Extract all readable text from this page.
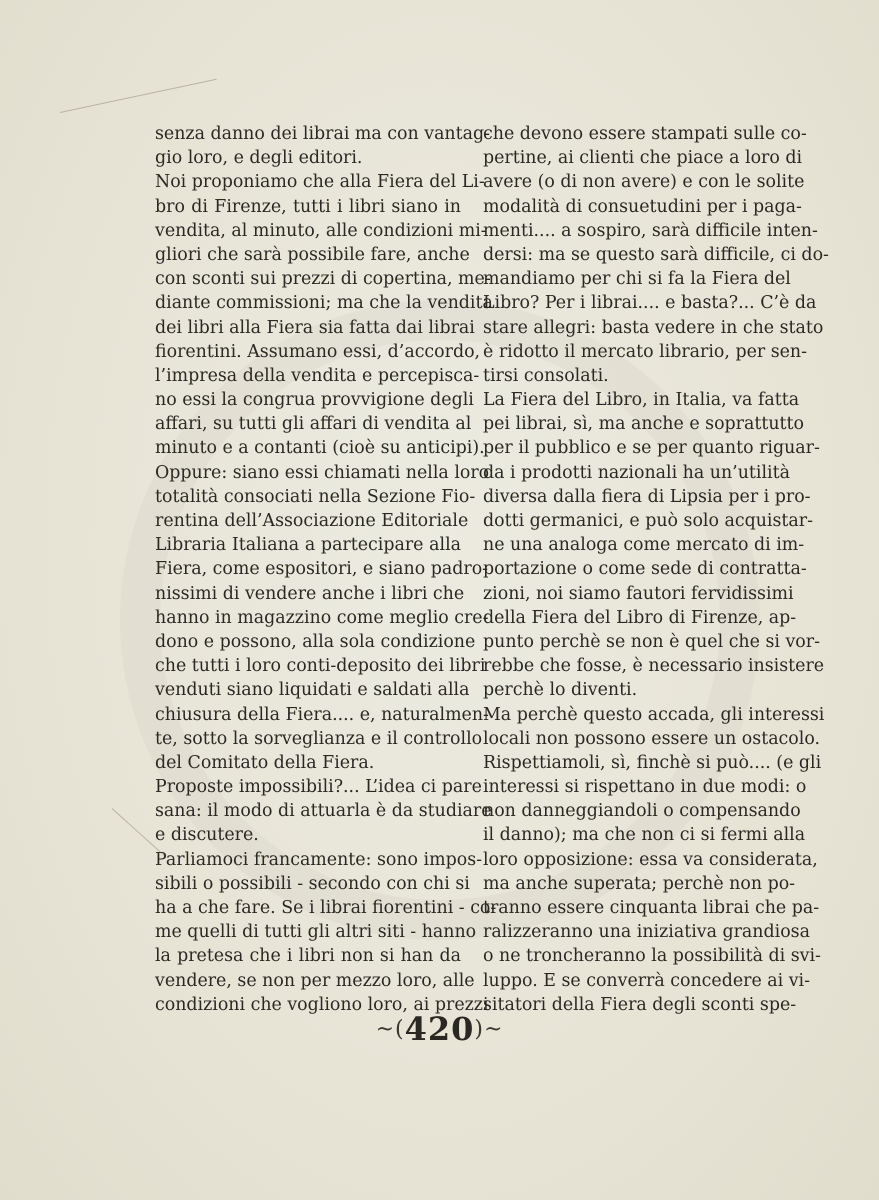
senza danno dei librai ma con vantag-
gio loro, e degli editori.
Noi proponiamo che alla Fiera del Li-
bro di Firenze, tutti i libri siano in
vendita, al minuto, alle condizioni mi-
gliori che sarà possibile fare, anche
con sconti sui prezzi di copertina, me-
diante commissioni; ma che la vendita
dei libri alla Fiera sia fatta dai librai
fiorentini. Assumano essi, d’accordo,
l’impresa della vendita e percepisca-
no essi la congrua provvigione degli
affari, su tutti gli affari di vendita al
minuto e a contanti (cioè su anticipi).
Oppure: siano essi chiamati nella loro
totalità consociati nella Sezione Fio-
rentina dell’Associazione Editoriale
Libraria Italiana a partecipare alla
Fiera, come espositori, e siano padro-
nissimi di vendere anche i libri che
hanno in magazzino come meglio cre-
dono e possono, alla sola condizione
che tutti i loro conti-deposito dei libri
venduti siano liquidati e saldati alla
chiusura della Fiera.... e, naturalmen-
te, sotto la sorveglianza e il controllo
del Comitato della Fiera.
Proposte impossibili?... L’idea ci pare
sana: il modo di attuarla è da studiare
e discutere.
Parliamoci francamente: sono impos-
sibili o possibili - secondo con chi si
ha a che fare. Se i librai fiorentini - co-
me quelli di tutti gli altri siti - hanno
la pretesa che i libri non si han da
vendere, se non per mezzo loro, alle
condizioni che vogliono loro, ai prezzi
che devono essere stampati sulle co-
pertine, ai clienti che piace a loro di
avere (o di non avere) e con le solite
modalità di consuetudini per i paga-
menti.... a sospiro, sarà difficile inten-
dersi: ma se questo sarà difficile, ci do-
mandiamo per chi si fa la Fiera del
Libro? Per i librai.... e basta?... C’è da
stare allegri: basta vedere in che stato
è ridotto il mercato librario, per sen-
tirsi consolati.
La Fiera del Libro, in Italia, va fatta
pei librai, sì, ma anche e soprattutto
per il pubblico e se per quanto riguar-
da i prodotti nazionali ha un’utilità
diversa dalla fiera di Lipsia per i pro-
dotti germanici, e può solo acquistar-
ne una analoga come mercato di im-
portazione o come sede di contratta-
zioni, noi siamo fautori fervidissimi
della Fiera del Libro di Firenze, ap-
punto perchè se non è quel che si vor-
rebbe che fosse, è necessario insistere
perchè lo diventi.
Ma perchè questo accada, gli interessi
locali non possono essere un ostacolo.
Rispettiamoli, sì, finchè si può.... (e gli
interessi si rispettano in due modi: o
non danneggiandoli o compensando
il danno); ma che non ci si fermi alla
loro opposizione: essa va considerata,
ma anche superata; perchè non po-
tranno essere cinquanta librai che pa-
ralizzeranno una iniziativa grandiosa
o ne troncheranno la possibilità di svi-
luppo. E se converrà concedere ai vi-
sitatori della Fiera degli sconti spe-
~(420)~
